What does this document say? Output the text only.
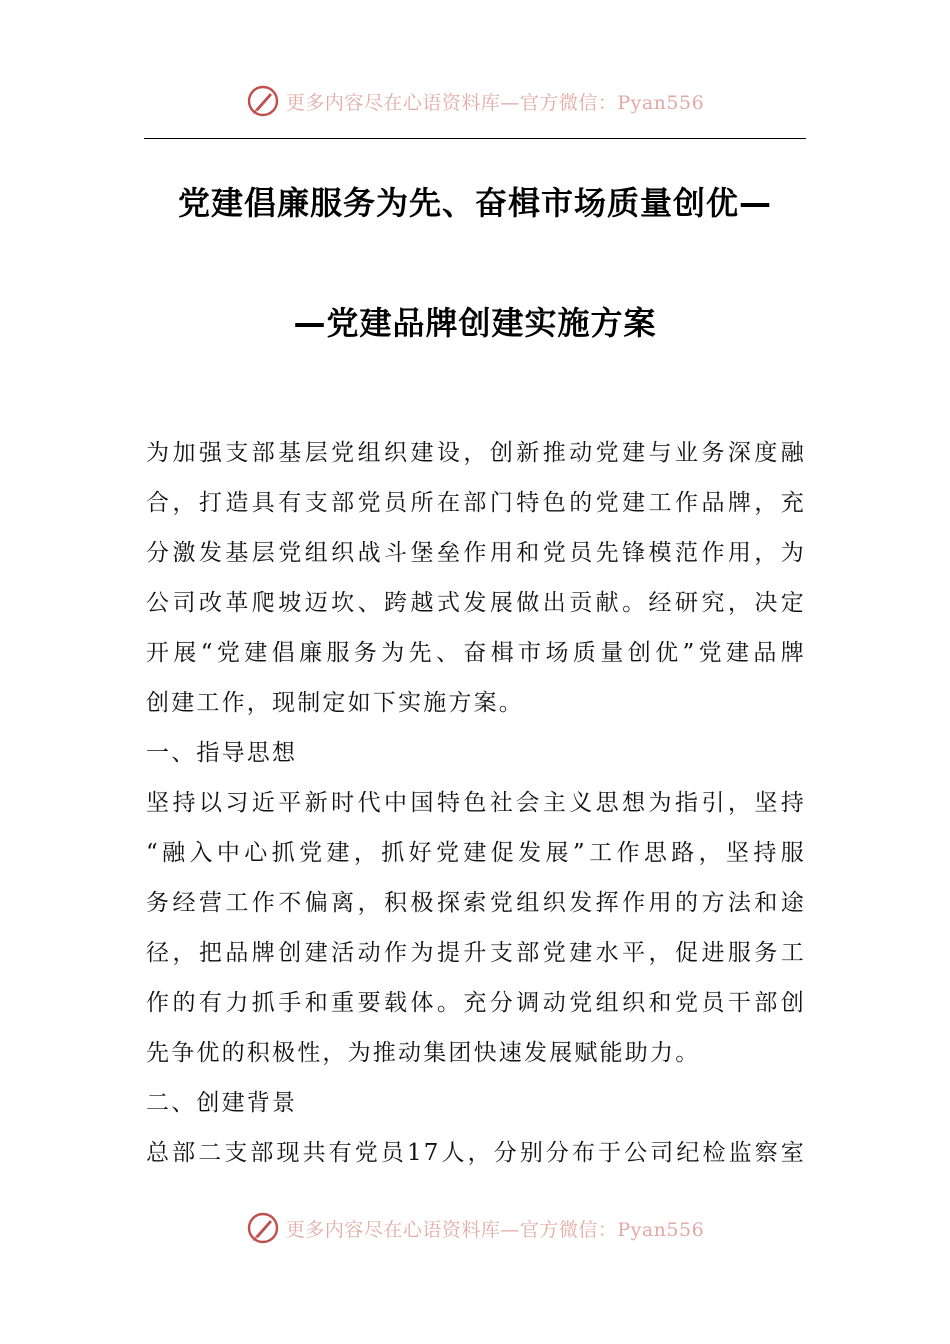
更多内容尽在心语资料库—官方微信：Pyan556
党建倡廉服务为先、奋楫市场质量创优—
—党建品牌创建实施方案
为加强支部基层党组织建设，创新推动党建与业务深度融
合，打造具有支部党员所在部门特色的党建工作品牌，充
分激发基层党组织战斗堡垒作用和党员先锋模范作用，为
公司改革爬坡迈坎、跨越式发展做出贡献。经研究，决定
开展“党建倡廉服务为先、奋楫市场质量创优”党建品牌
创建工作，现制定如下实施方案。
一、指导思想
坚持以习近平新时代中国特色社会主义思想为指引，坚持
“融入中心抓党建，抓好党建促发展”工作思路，坚持服
务经营工作不偏离，积极探索党组织发挥作用的方法和途
径，把品牌创建活动作为提升支部党建水平，促进服务工
作的有力抓手和重要载体。充分调动党组织和党员干部创
先争优的积极性，为推动集团快速发展赋能助力。
二、创建背景
总部二支部现共有党员17人，分别分布于公司纪检监察室
更多内容尽在心语资料库—官方微信：Pyan556
